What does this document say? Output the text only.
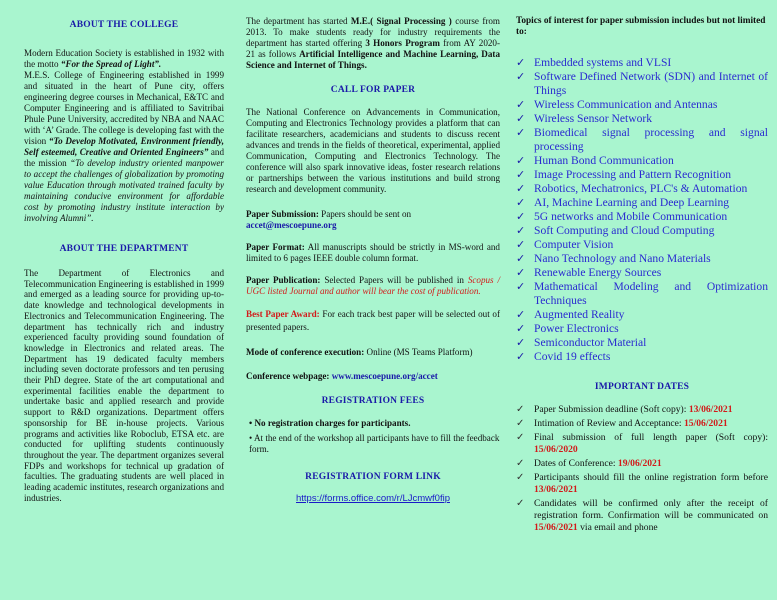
ABOUT THE COLLEGE

Modern Education Society is established in 1932 with the motto “For the Spread of Light”.

M.E.S. College of Engineering established in 1999 and situated in the heart of Pune city, offers engineering degree courses in Mechanical, E&TC and Computer Engineering and is affiliated to Savitribai Phule Pune University, accredited by NBA and NAAC with ‘A’ Grade. The college is developing fast with the vision “To Develop Motivated, Environment friendly, Self esteemed, Creative and Oriented Engineers” and the mission “To develop industry oriented manpower to accept the challenges of globalization by promoting value Education through motivated trained faculty by maintaining conducive environment for affordable cost by promoting industry institute interaction by involving Alumni”.

ABOUT THE DEPARTMENT

The Department of Electronics and Telecommunication Engineering is established in 1999 and emerged as a leading source for providing up-to-date knowledge and technological developments in Electronics and Telecommunication Engineering. The department has technically rich and industry experienced faculty providing sound foundation of knowledge in Electronics and related areas. The Department has 19 dedicated faculty members including seven doctorate professors and ten perusing their PhD degree. State of the art computational and experimental facilities enable the department to undertake basic and applied research and provide support to R&D organizations. Department offers sponsorship for BE in-house projects. Various programs and activities like Roboclub, ETSA etc. are conducted for uplifting students continuously throughout the year. The department organizes several FDPs and workshops for technical up gradation of faculties. The graduating students are well placed in leading academic institutes, research organizations and industries.

The department has started M.E.( Signal Processing ) course from 2013. To make students ready for industry requirements the department has started offering 3 Honors Program from AY 2020-21 as follows Artificial Intelligence and Machine Learning, Data Science and Internet of Things.

CALL FOR PAPER

The National Conference on Advancements in Communication, Computing and Electronics Technology provides a platform that can facilitate researchers, academicians and students to discuss recent advances and trends in the fields of theoretical, experimental, applied Communication, Computing and Electronics Technology. The conference will also spark innovative ideas, foster research relations or partnerships between the various institutions and build strong research and development community.

Paper Submission: Papers should be sent on
accet@mescoepune.org

Paper Format: All manuscripts should be strictly in MS-word and limited to 6 pages IEEE double column format.

Paper Publication: Selected Papers will be published in Scopus / UGC listed Journal and author will bear the cost of publication.

Best Paper Award: For each track best paper will be selected out of presented papers.

Mode of conference execution: Online (MS Teams Platform)

Conference webpage: www.mescoepune.org/accet

REGISTRATION FEES
• No registration charges for participants.
• At the end of the workshop all participants have to fill the feedback form.
REGISTRATION FORM LINK
https://forms.office.com/r/LJcmwf0fip
Topics of interest for paper submission includes but not limited to:
✓ Embedded systems and VLSI
✓ Software Defined Network (SDN) and Internet of Things
✓ Wireless Communication and Antennas
✓ Wireless Sensor Network
✓ Biomedical signal processing and signal processing
✓ Human Bond Communication
✓ Image Processing and Pattern Recognition
✓ Robotics, Mechatronics, PLC's & Automation
✓ AI, Machine Learning and Deep Learning
✓ 5G networks and Mobile Communication
✓ Soft Computing and Cloud Computing
✓ Computer Vision
✓ Nano Technology and Nano Materials
✓ Renewable Energy Sources
✓ Mathematical Modeling and Optimization Techniques
✓ Augmented Reality
✓ Power Electronics
✓ Semiconductor Material
✓ Covid 19 effects
IMPORTANT DATES
✓ Paper Submission deadline (Soft copy): 13/06/2021
✓ Intimation of Review and Acceptance: 15/06/2021
✓ Final submission of full length paper (Soft copy): 15/06/2020
✓ Dates of Conference: 19/06/2021
✓ Participants should fill the online registration form before 13/06/2021
✓ Candidates will be confirmed only after the receipt of registration form. Confirmation will be communicated on 15/06/2021 via email and phone
